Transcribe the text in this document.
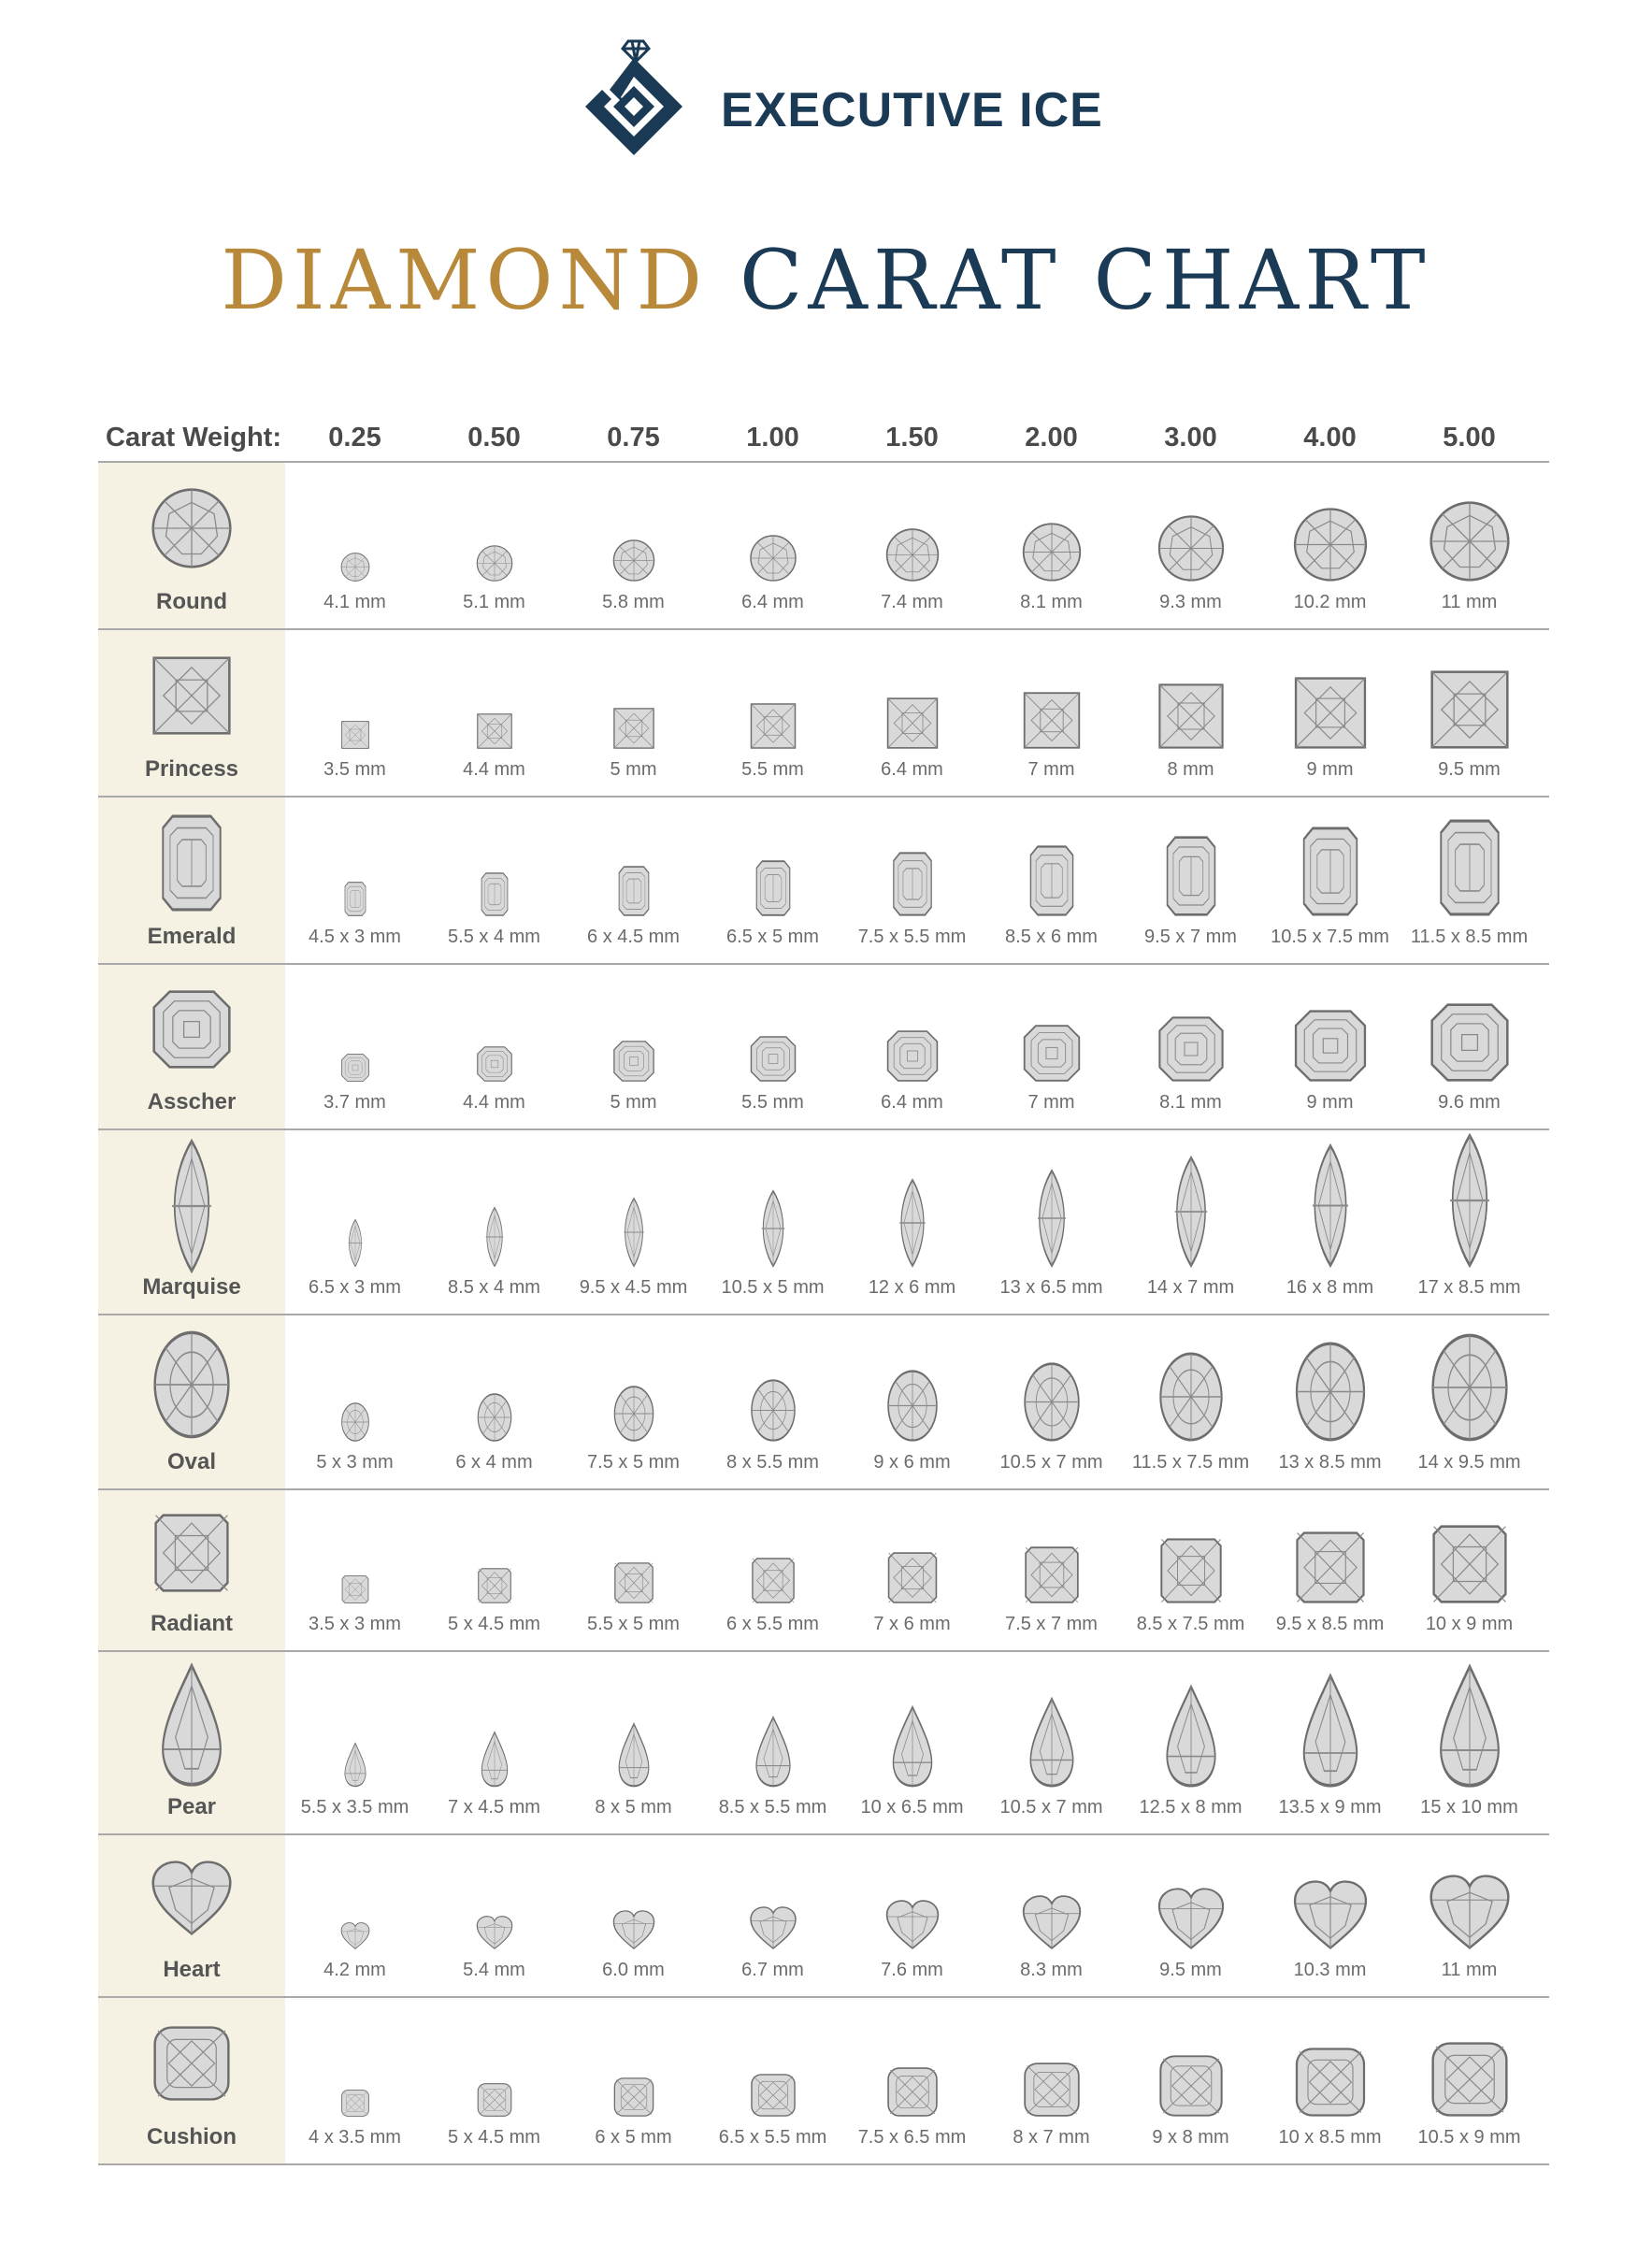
EXECUTIVE ICE
DIAMOND CARAT CHART
Carat Weight:	0.25	0.50	0.75	1.00	1.50	2.00	3.00	4.00	5.00
Round	4.1 mm	5.1 mm	5.8 mm	6.4 mm	7.4 mm	8.1 mm	9.3 mm	10.2 mm	11 mm
Princess	3.5 mm	4.4 mm	5 mm	5.5 mm	6.4 mm	7 mm	8 mm	9 mm	9.5 mm
Emerald	4.5 x 3 mm	5.5 x 4 mm	6 x 4.5 mm	6.5 x 5 mm	7.5 x 5.5 mm	8.5 x 6 mm	9.5 x 7 mm	10.5 x 7.5 mm	11.5 x 8.5 mm
Asscher	3.7 mm	4.4 mm	5 mm	5.5 mm	6.4 mm	7 mm	8.1 mm	9 mm	9.6 mm
Marquise	6.5 x 3 mm	8.5 x 4 mm	9.5 x 4.5 mm	10.5 x 5 mm	12 x 6 mm	13 x 6.5 mm	14 x 7 mm	16 x 8 mm	17 x 8.5 mm
Oval	5 x 3 mm	6 x 4 mm	7.5 x 5 mm	8 x 5.5 mm	9 x 6 mm	10.5 x 7 mm	11.5 x 7.5 mm	13 x 8.5 mm	14 x 9.5 mm
Radiant	3.5 x 3 mm	5 x 4.5 mm	5.5 x 5 mm	6 x 5.5 mm	7 x 6 mm	7.5 x 7 mm	8.5 x 7.5 mm	9.5 x 8.5 mm	10 x 9 mm
Pear	5.5 x 3.5 mm	7 x 4.5 mm	8 x 5 mm	8.5 x 5.5 mm	10 x 6.5 mm	10.5 x 7 mm	12.5 x 8 mm	13.5 x 9 mm	15 x 10 mm
Heart	4.2 mm	5.4 mm	6.0 mm	6.7 mm	7.6 mm	8.3 mm	9.5 mm	10.3 mm	11 mm
Cushion	4 x 3.5 mm	5 x 4.5 mm	6 x 5 mm	6.5 x 5.5 mm	7.5 x 6.5 mm	8 x 7 mm	9 x 8 mm	10 x 8.5 mm	10.5 x 9 mm
